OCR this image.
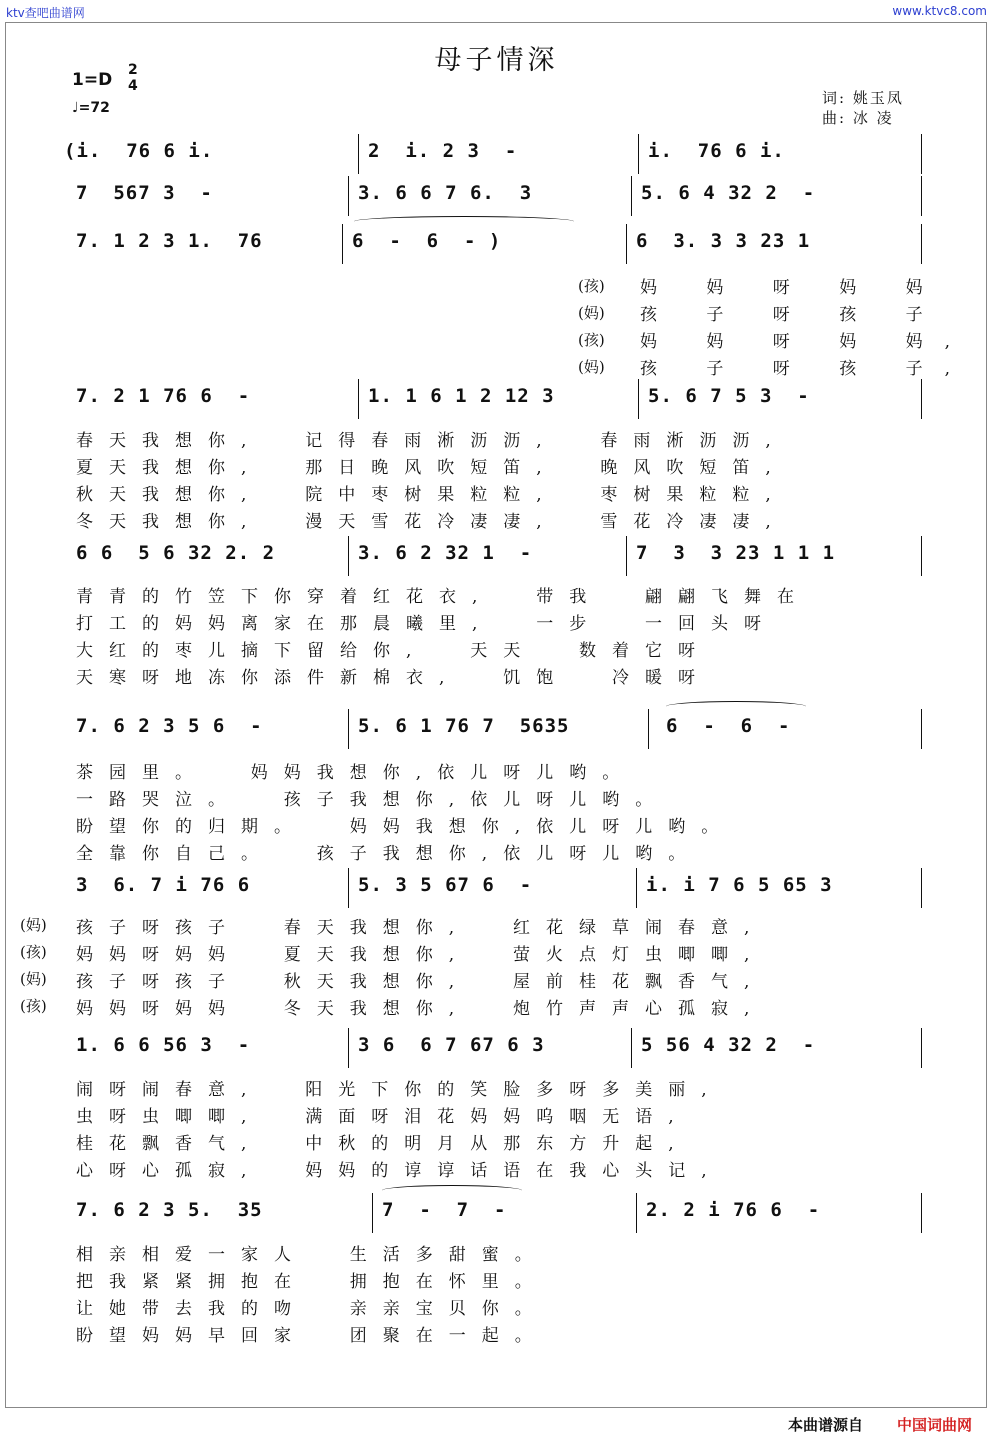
ktv查吧曲谱网	www.ktvc8.com
母子情深
1=D 2
4
♩=72
词: 姚玉凤
曲: 冰 凌
(i.  76 6 i.	2  i. 2 3  -	i.  76 6 i.
7  567 3  -	3. 6 6 7 6.  3	5. 6 4 32 2  -
7. 1 2 3 1.  76	6  -  6  - )	6  3. 3 3 23 1
(孩) 妈 妈 呀 妈 妈
(妈) 孩 子 呀 孩 子
(孩) 妈 妈 呀 妈 妈,
(妈) 孩 子 呀 孩 子,
7. 2 1 76 6  -	1. 1 6 1 2 12 3	5. 6 7 5 3  -
春天我想你,  记得春雨淅沥沥,  春雨淅沥沥,
夏天我想你,  那日晚风吹短笛,  晚风吹短笛,
秋天我想你,  院中枣树果粒粒,  枣树果粒粒,
冬天我想你,  漫天雪花冷凄凄,  雪花冷凄凄,
6 6  5 6 32 2. 2	3. 6 2 32 1  -	7  3  3 23 1 1 1
青青的竹笠下你穿着红花衣,  带我  翩翩飞舞在
打工的妈妈离家在那晨曦里,  一步  一回头呀
大红的枣儿摘下留给你,  天天  数着它呀
天寒呀地冻你添件新棉衣,  饥饱  冷暖呀
7. 6 2 3 5 6  -	5. 6 1 76 7  5635	6  -  6  -
茶园里。  妈妈我想你,依儿呀儿哟。
一路哭泣。  孩子我想你,依儿呀儿哟。
盼望你的归期。  妈妈我想你,依儿呀儿哟。
全靠你自己。  孩子我想你,依儿呀儿哟。
3  6. 7 i 76 6	5. 3 5 67 6  -	i. i 7 6 5 65 3
(妈) 孩子呀孩子  春天我想你,  红花绿草闹春意,
(孩) 妈妈呀妈妈  夏天我想你,  萤火点灯虫唧唧,
(妈) 孩子呀孩子  秋天我想你,  屋前桂花飘香气,
(孩) 妈妈呀妈妈  冬天我想你,  炮竹声声心孤寂,
1. 6 6 56 3  -	3 6  6 7 67 6 3	5 56 4 32 2  -
闹呀闹春意,  阳光下你的笑脸多呀多美丽,
虫呀虫唧唧,  满面呀泪花妈妈呜咽无语,
桂花飘香气,  中秋的明月从那东方升起,
心呀心孤寂,  妈妈的谆谆话语在我心头记,
7. 6 2 3 5.  35	7  -  7  -	2. 2 i 76 6  -
相亲相爱一家人  生活多甜蜜。
把我紧紧拥抱在  拥抱在怀里。
让她带去我的吻  亲亲宝贝你。
盼望妈妈早回家  团聚在一起。
本曲谱源自 中国词曲网
